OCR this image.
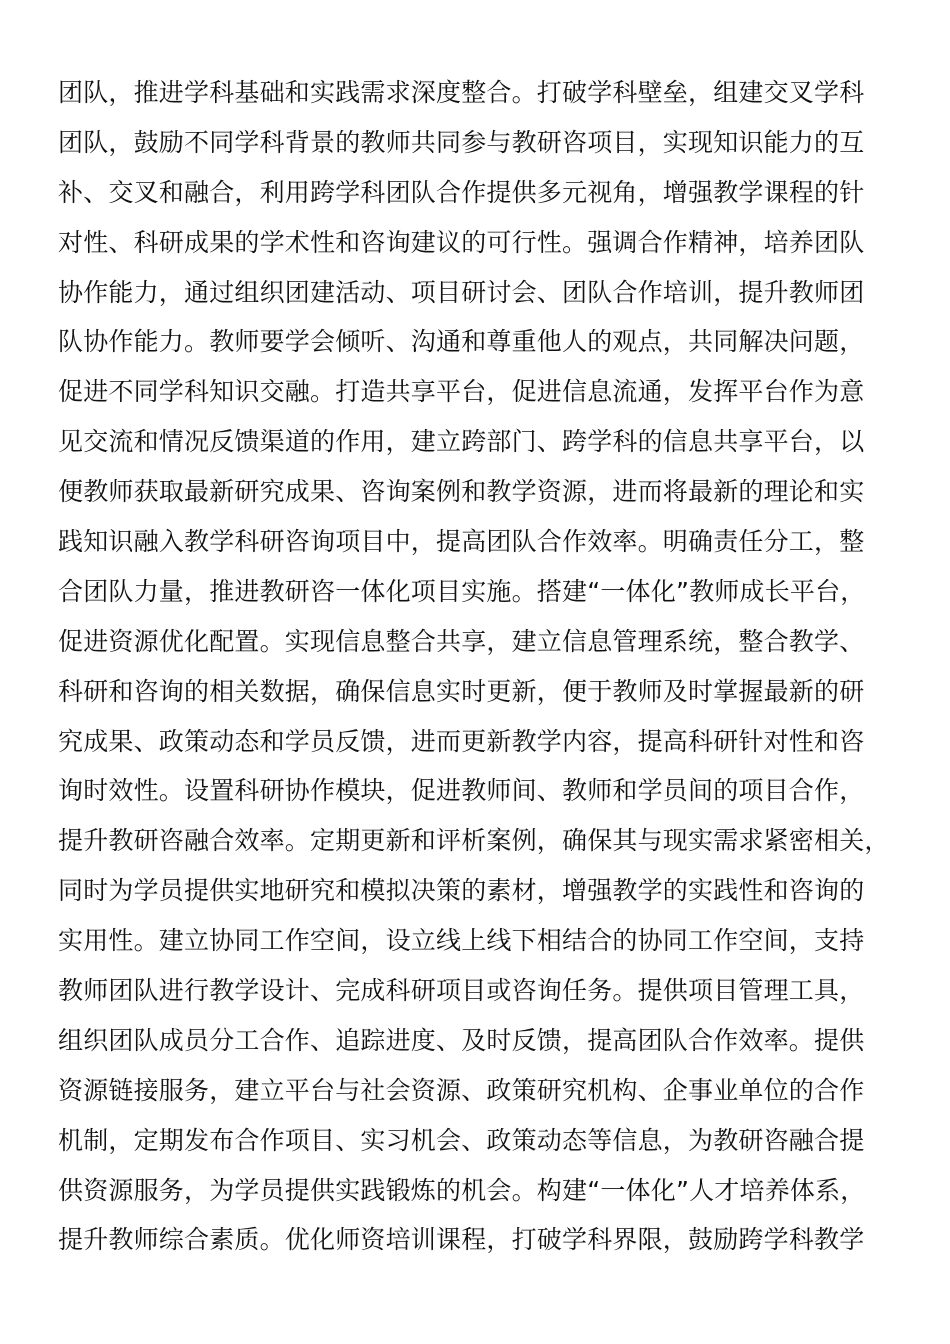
团队，推进学科基础和实践需求深度整合。打破学科壁垒，组建交叉学科
团队，鼓励不同学科背景的教师共同参与教研咨项目，实现知识能力的互
补、交叉和融合，利用跨学科团队合作提供多元视角，增强教学课程的针
对性、科研成果的学术性和咨询建议的可行性。强调合作精神，培养团队
协作能力，通过组织团建活动、项目研讨会、团队合作培训，提升教师团
队协作能力。教师要学会倾听、沟通和尊重他人的观点，共同解决问题，
促进不同学科知识交融。打造共享平台，促进信息流通，发挥平台作为意
见交流和情况反馈渠道的作用，建立跨部门、跨学科的信息共享平台，以
便教师获取最新研究成果、咨询案例和教学资源，进而将最新的理论和实
践知识融入教学科研咨询项目中，提高团队合作效率。明确责任分工，整
合团队力量，推进教研咨一体化项目实施。搭建“一体化”教师成长平台，
促进资源优化配置。实现信息整合共享，建立信息管理系统，整合教学、
科研和咨询的相关数据，确保信息实时更新，便于教师及时掌握最新的研
究成果、政策动态和学员反馈，进而更新教学内容，提高科研针对性和咨
询时效性。设置科研协作模块，促进教师间、教师和学员间的项目合作，
提升教研咨融合效率。定期更新和评析案例，确保其与现实需求紧密相关，
同时为学员提供实地研究和模拟决策的素材，增强教学的实践性和咨询的
实用性。建立协同工作空间，设立线上线下相结合的协同工作空间，支持
教师团队进行教学设计、完成科研项目或咨询任务。提供项目管理工具，
组织团队成员分工合作、追踪进度、及时反馈，提高团队合作效率。提供
资源链接服务，建立平台与社会资源、政策研究机构、企事业单位的合作
机制，定期发布合作项目、实习机会、政策动态等信息，为教研咨融合提
供资源服务，为学员提供实践锻炼的机会。构建“一体化”人才培养体系，
提升教师综合素质。优化师资培训课程，打破学科界限，鼓励跨学科教学
